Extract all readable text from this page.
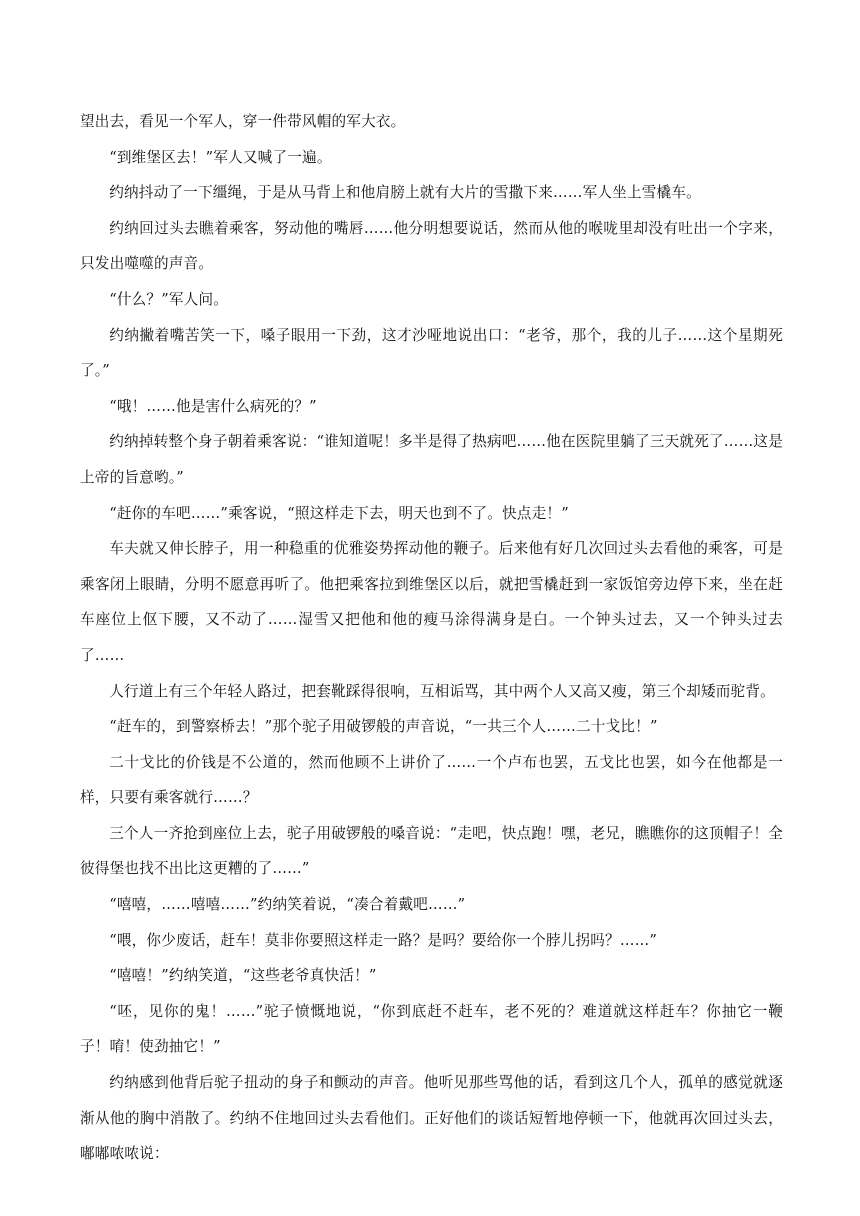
望出去，看见一个军人，穿一件带风帽的军大衣。

“到维堡区去！”军人又喊了一遍。

约纳抖动了一下缰绳，于是从马背上和他肩膀上就有大片的雪撒下来……军人坐上雪橇车。

约纳回过头去瞧着乘客，努动他的嘴唇……他分明想要说话，然而从他的喉咙里却没有吐出一个字来，只发出噬噬的声音。

“什么？”军人问。

约纳撇着嘴苦笑一下，嗓子眼用一下劲，这才沙哑地说出口：“老爷，那个，我的儿子……这个星期死了。”

“哦！……他是害什么病死的？”

约纳掉转整个身子朝着乘客说：“谁知道呢！多半是得了热病吧……他在医院里躺了三天就死了……这是上帝的旨意哟。”

“赶你的车吧……”乘客说，“照这样走下去，明天也到不了。快点走！”

车夫就又伸长脖子，用一种稳重的优雅姿势挥动他的鞭子。后来他有好几次回过头去看他的乘客，可是乘客闭上眼睛，分明不愿意再听了。他把乘客拉到维堡区以后，就把雪橇赶到一家饭馆旁边停下来，坐在赶车座位上伛下腰，又不动了……湿雪又把他和他的瘦马涂得满身是白。一个钟头过去，又一个钟头过去了……

人行道上有三个年轻人路过，把套靴踩得很响，互相诟骂，其中两个人又高又瘦，第三个却矮而驼背。

“赶车的，到警察桥去！”那个驼子用破锣般的声音说，“一共三个人……二十戈比！”

二十戈比的价钱是不公道的，然而他顾不上讲价了……一个卢布也罢，五戈比也罢，如今在他都是一样，只要有乘客就行……？

三个人一齐抢到座位上去，驼子用破锣般的嗓音说：“走吧，快点跑！嘿，老兄，瞧瞧你的这顶帽子！全彼得堡也找不出比这更糟的了……”

“嘻嘻，……嘻嘻……”约纳笑着说，“凑合着戴吧……”

“喂，你少废话，赶车！莫非你要照这样走一路？是吗？要给你一个脖儿拐吗？……”

“嘻嘻！”约纳笑道，“这些老爷真快活！”

“呸，见你的鬼！……”驼子愤慨地说，“你到底赶不赶车，老不死的？难道就这样赶车？你抽它一鞭子！唷！使劲抽它！”

约纳感到他背后驼子扭动的身子和颤动的声音。他听见那些骂他的话，看到这几个人，孤单的感觉就逐渐从他的胸中消散了。约纳不住地回过头去看他们。正好他们的谈话短暂地停顿一下，他就再次回过头去，嘟嘟哝哝说：
